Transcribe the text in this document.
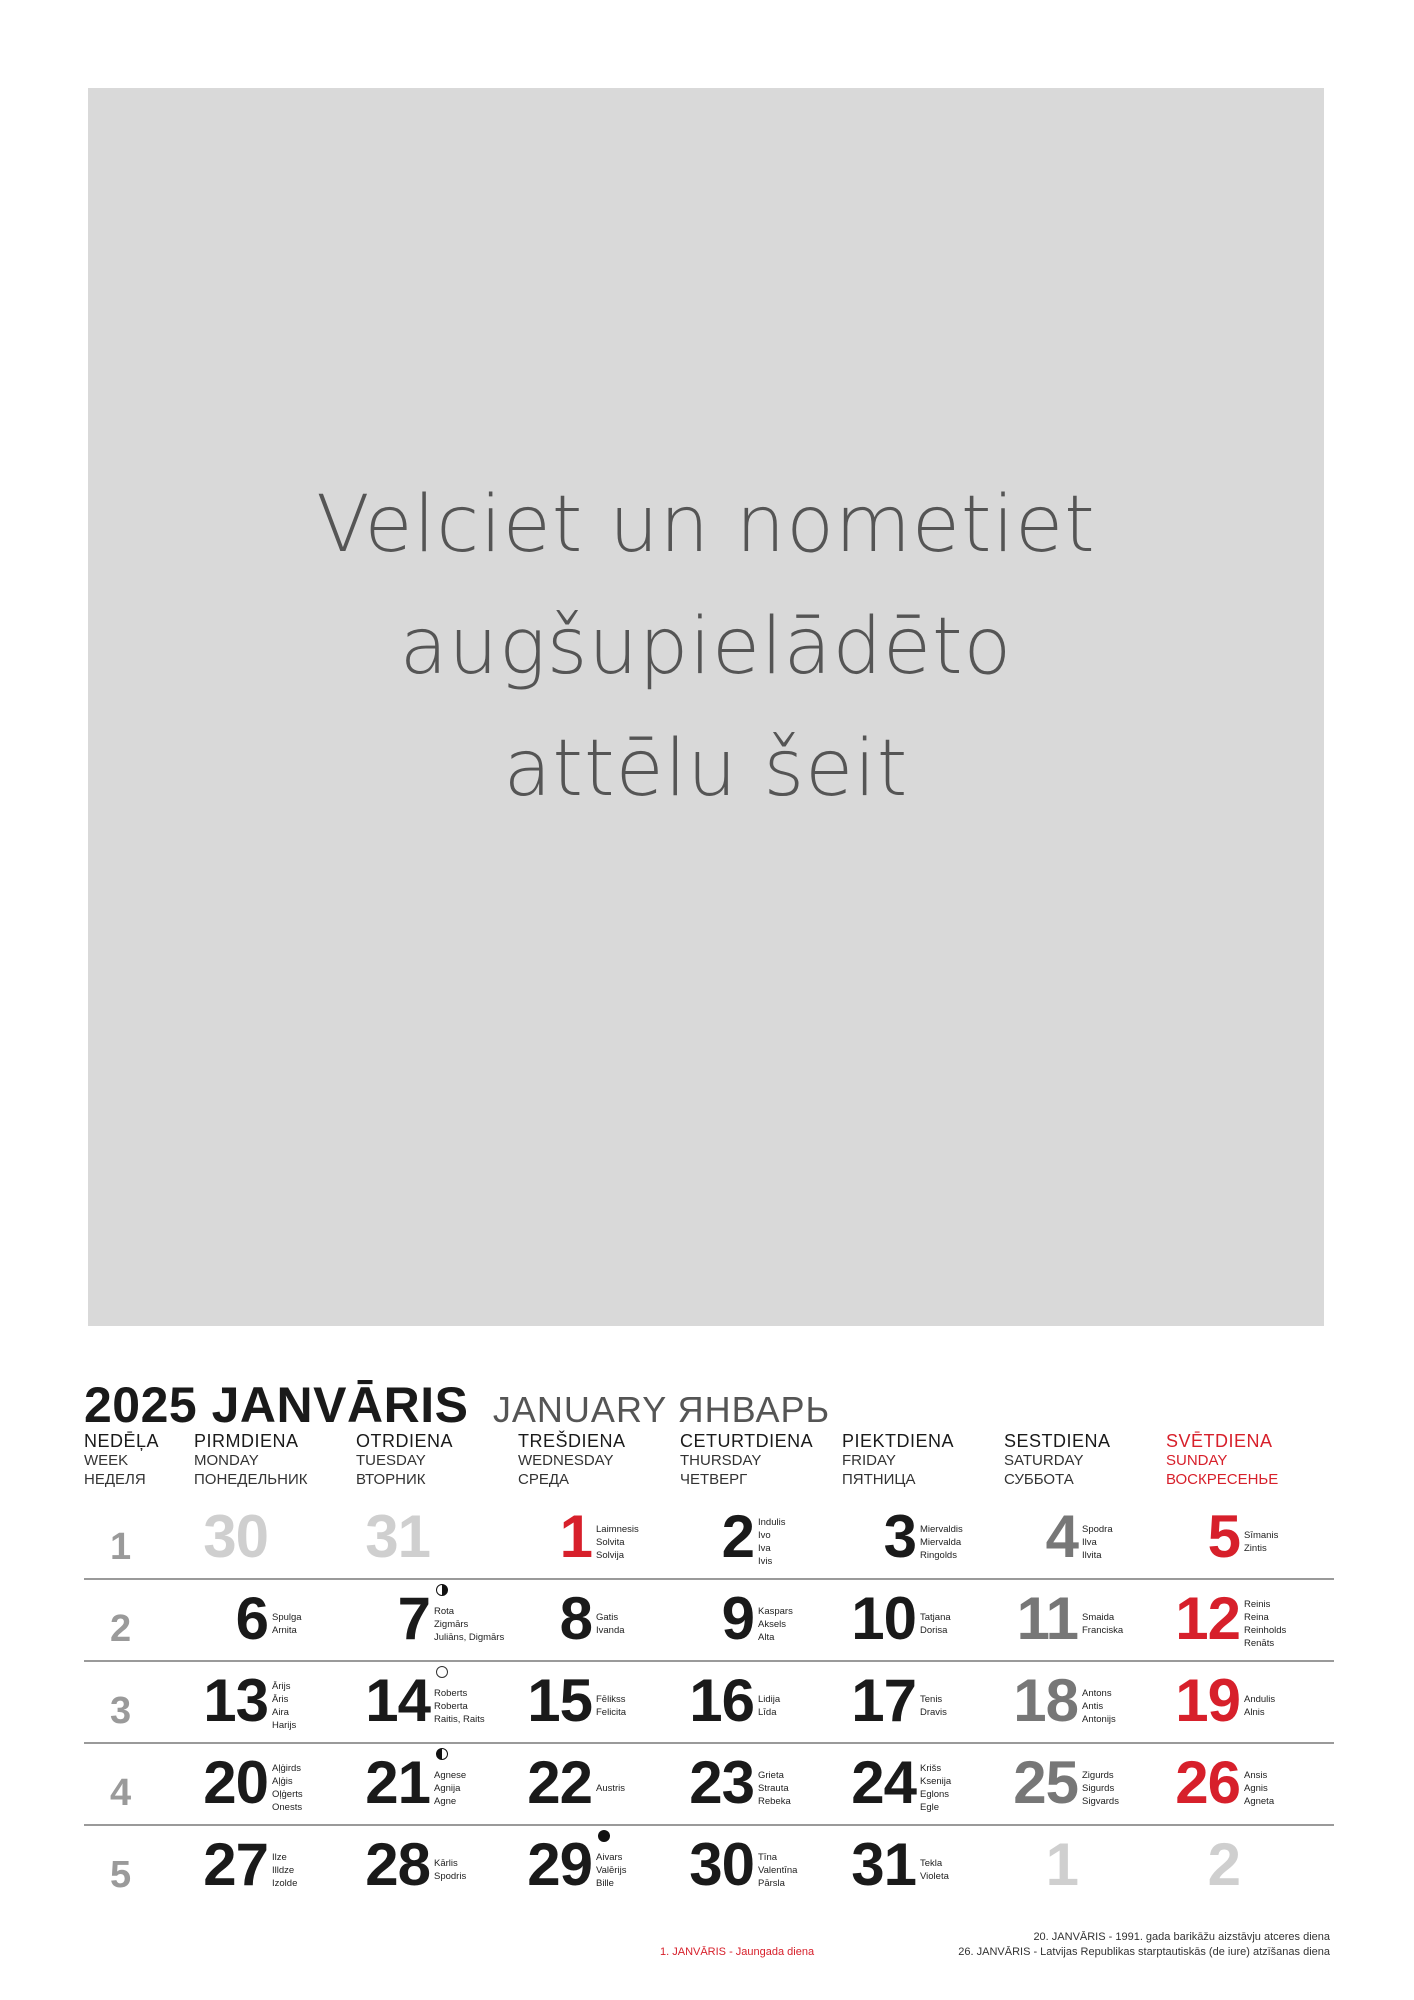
Velciet un nometiet
augšupielādēto
attēlu šeit
2025 JANVĀRIS JANUARY ЯНВАРЬ
NEDĒĻA
WEEK
НЕДЕЛЯ
PIRMDIENA
MONDAY
ПОНЕДЕЛЬНИК
OTRDIENA
TUESDAY
ВТОРНИК
TREŠDIENA
WEDNESDAY
СРЕДА
CETURTDIENA
THURSDAY
ЧЕТВЕРГ
PIEKTDIENA
FRIDAY
ПЯТНИЦА
SESTDIENA
SATURDAY
СУББОТА
SVĒTDIENA
SUNDAY
ВОСКРЕСЕНЬЕ
1 30 31 1 Laimnesis
Solvita
Solvija 2 Indulis
Ivo
Iva
Ivis 3 Miervaldis
Miervalda
Ringolds 4 Spodra
Ilva
Ilvita 5 Sīmanis
Zintis
2 6 Spulga
Arnita 7 Rota
Zigmārs
Juliāns, Digmārs 8 Gatis
Ivanda 9 Kaspars
Aksels
Alta	10 Tatjana
Dorisa 11 Smaida
Franciska 12 Reinis
Reina
Reinholds
Renāts
3 13 Ārijs
Āris
Aira
Harijs 14 Roberts
Roberta
Raitis, Raits 15 Fēlikss
Felicita 16 Lidija
Līda 17 Tenis
Dravis 18 Antons
Antis
Antonijs 19 Andulis
Alnis
4 20 Aļģirds
Aļģis
Oļģerts
Onests 21 Agnese
Agnija
Agne 22 Austris 23 Grieta
Strauta
Rebeka 24 Krišs
Ksenija
Eglons
Egle 25 Zigurds
Sigurds
Sigvards 26 Ansis
Agnis
Agneta
5 27 Ilze
Illdze
Izolde 28 Kārlis
Spodris 29 Aivars
Valērijs
Bille 30 Tīna
Valentīna
Pārsla 31 Tekla
Violeta 1 2
1. JANVĀRIS - Jaungada diena
20. JANVĀRIS - 1991. gada barikāžu aizstāvju atceres diena
26. JANVĀRIS - Latvijas Republikas starptautiskās (de iure) atzīšanas diena
